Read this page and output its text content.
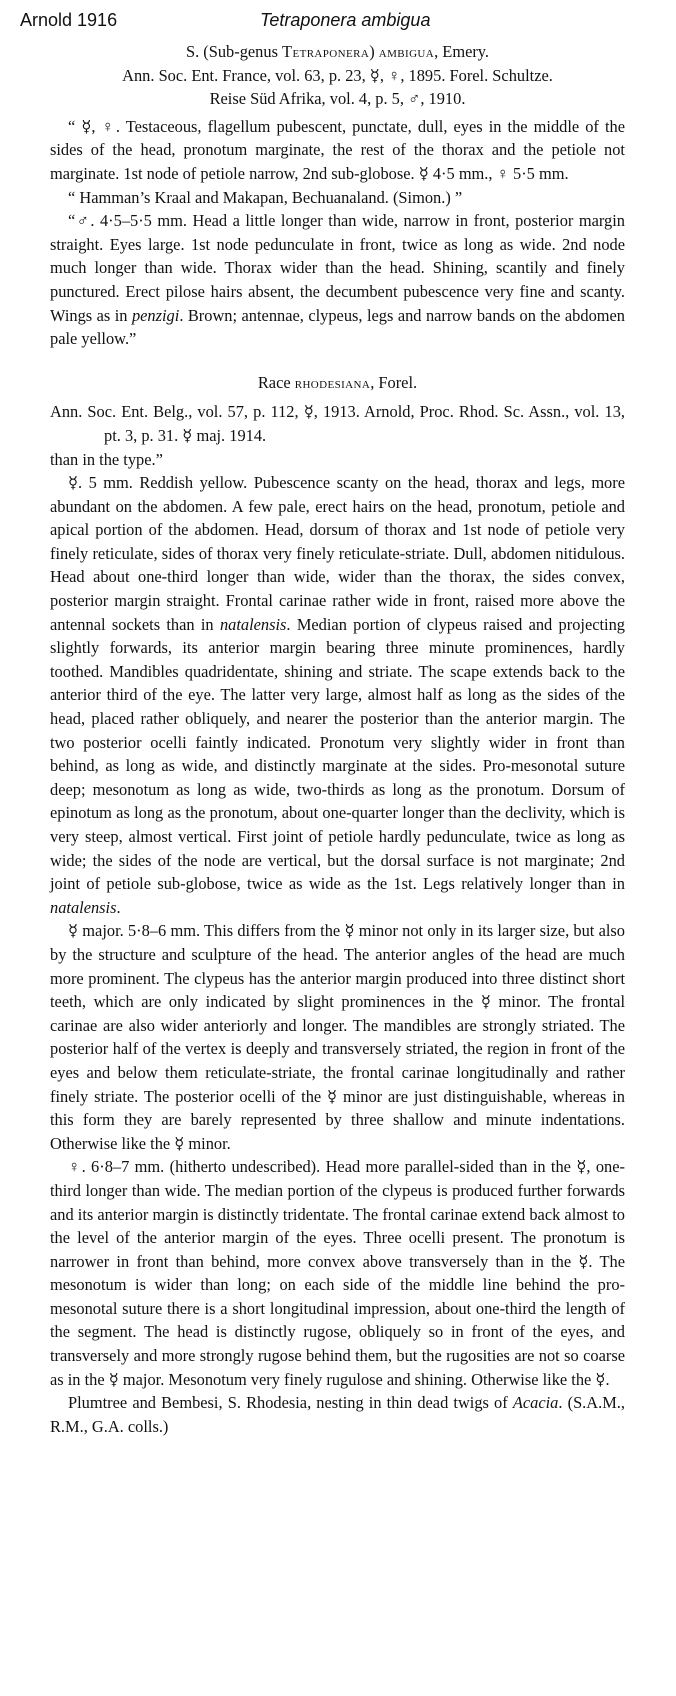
Arnold 1916	Tetraponera ambigua

S. (Sub-genus Tetraponera) ambigua, Emery.

Ann. Soc. Ent. France, vol. 63, p. 23, ☿, ♀, 1895. Forel. Schultze.

Reise Süd Afrika, vol. 4, p. 5, ♂, 1910.

“ ☿, ♀. Testaceous, flagellum pubescent, punctate, dull, eyes in the middle of the sides of the head, pronotum marginate, the rest of the thorax and the petiole not marginate. 1st node of petiole narrow, 2nd sub-globose. ☿ 4·5 mm., ♀ 5·5 mm.

“ Hamman’s Kraal and Makapan, Bechuanaland. (Simon.) ”

“♂. 4·5–5·5 mm. Head a little longer than wide, narrow in front, posterior margin straight. Eyes large. 1st node pedunculate in front, twice as long as wide. 2nd node much longer than wide. Thorax wider than the head. Shining, scantily and finely punctured. Erect pilose hairs absent, the decumbent pubescence very fine and scanty. Wings as in penzigi. Brown; antennae, clypeus, legs and narrow bands on the abdomen pale yellow.”

Race rhodesiana, Forel.

Ann. Soc. Ent. Belg., vol. 57, p. 112, ☿, 1913. Arnold, Proc. Rhod. Sc. Assn., vol. 13, pt. 3, p. 31. ☿ maj. 1914.

than in the type.”

☿. 5 mm. Reddish yellow. Pubescence scanty on the head, thorax and legs, more abundant on the abdomen. A few pale, erect hairs on the head, pronotum, petiole and apical portion of the abdomen. Head, dorsum of thorax and 1st node of petiole very finely reticulate, sides of thorax very finely reticulate-striate. Dull, abdomen nitidulous. Head about one-third longer than wide, wider than the thorax, the sides convex, posterior margin straight. Frontal carinae rather wide in front, raised more above the antennal sockets than in natalensis. Median portion of clypeus raised and projecting slightly forwards, its anterior margin bearing three minute prominences, hardly toothed. Mandibles quadridentate, shining and striate. The scape extends back to the anterior third of the eye. The latter very large, almost half as long as the sides of the head, placed rather obliquely, and nearer the posterior than the anterior margin. The two posterior ocelli faintly indicated. Pronotum very slightly wider in front than behind, as long as wide, and distinctly marginate at the sides. Pro-mesonotal suture deep; mesonotum as long as wide, two-thirds as long as the pronotum. Dorsum of epinotum as long as the pronotum, about one-quarter longer than the declivity, which is very steep, almost vertical. First joint of petiole hardly pedunculate, twice as long as wide; the sides of the node are vertical, but the dorsal surface is not marginate; 2nd joint of petiole sub-globose, twice as wide as the 1st. Legs relatively longer than in natalensis.

☿ major. 5·8–6 mm. This differs from the ☿ minor not only in its larger size, but also by the structure and sculpture of the head. The anterior angles of the head are much more prominent. The clypeus has the anterior margin produced into three distinct short teeth, which are only indicated by slight prominences in the ☿ minor. The frontal carinae are also wider anteriorly and longer. The mandibles are strongly striated. The posterior half of the vertex is deeply and transversely striated, the region in front of the eyes and below them reticulate-striate, the frontal carinae longitudinally and rather finely striate. The posterior ocelli of the ☿ minor are just distinguishable, whereas in this form they are barely represented by three shallow and minute indentations. Otherwise like the ☿ minor.

♀. 6·8–7 mm. (hitherto undescribed). Head more parallel-sided than in the ☿, one-third longer than wide. The median portion of the clypeus is produced further forwards and its anterior margin is distinctly tridentate. The frontal carinae extend back almost to the level of the anterior margin of the eyes. Three ocelli present. The pronotum is narrower in front than behind, more convex above transversely than in the ☿. The mesonotum is wider than long; on each side of the middle line behind the pro-mesonotal suture there is a short longitudinal impression, about one-third the length of the segment. The head is distinctly rugose, obliquely so in front of the eyes, and transversely and more strongly rugose behind them, but the rugosities are not so coarse as in the ☿ major. Mesonotum very finely rugulose and shining. Otherwise like the ☿.

Plumtree and Bembesi, S. Rhodesia, nesting in thin dead twigs of Acacia. (S.A.M., R.M., G.A. colls.)
